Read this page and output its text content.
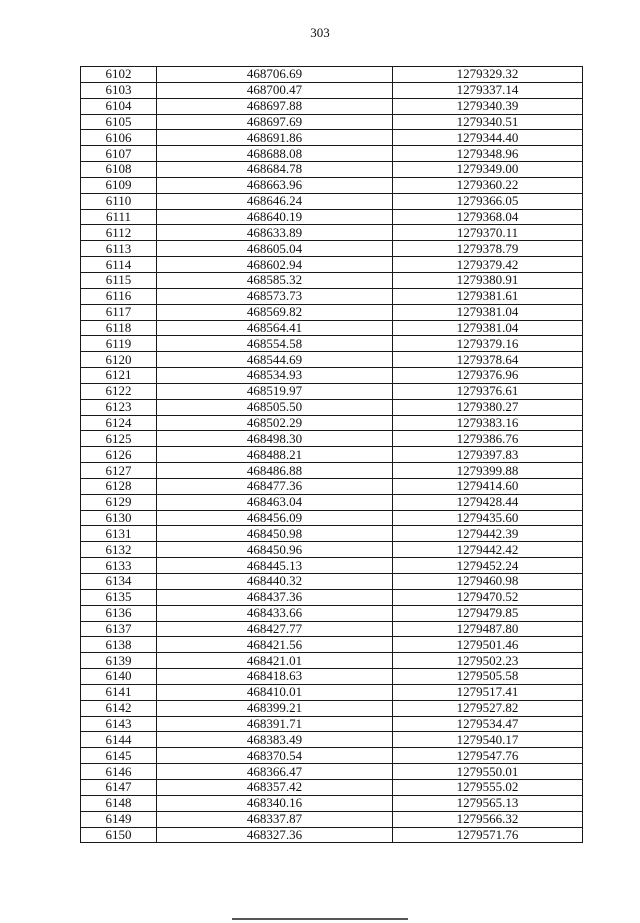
303
6102	468706.69	1279329.32
6103	468700.47	1279337.14
6104	468697.88	1279340.39
6105	468697.69	1279340.51
6106	468691.86	1279344.40
6107	468688.08	1279348.96
6108	468684.78	1279349.00
6109	468663.96	1279360.22
6110	468646.24	1279366.05
6111	468640.19	1279368.04
6112	468633.89	1279370.11
6113	468605.04	1279378.79
6114	468602.94	1279379.42
6115	468585.32	1279380.91
6116	468573.73	1279381.61
6117	468569.82	1279381.04
6118	468564.41	1279381.04
6119	468554.58	1279379.16
6120	468544.69	1279378.64
6121	468534.93	1279376.96
6122	468519.97	1279376.61
6123	468505.50	1279380.27
6124	468502.29	1279383.16
6125	468498.30	1279386.76
6126	468488.21	1279397.83
6127	468486.88	1279399.88
6128	468477.36	1279414.60
6129	468463.04	1279428.44
6130	468456.09	1279435.60
6131	468450.98	1279442.39
6132	468450.96	1279442.42
6133	468445.13	1279452.24
6134	468440.32	1279460.98
6135	468437.36	1279470.52
6136	468433.66	1279479.85
6137	468427.77	1279487.80
6138	468421.56	1279501.46
6139	468421.01	1279502.23
6140	468418.63	1279505.58
6141	468410.01	1279517.41
6142	468399.21	1279527.82
6143	468391.71	1279534.47
6144	468383.49	1279540.17
6145	468370.54	1279547.76
6146	468366.47	1279550.01
6147	468357.42	1279555.02
6148	468340.16	1279565.13
6149	468337.87	1279566.32
6150	468327.36	1279571.76
